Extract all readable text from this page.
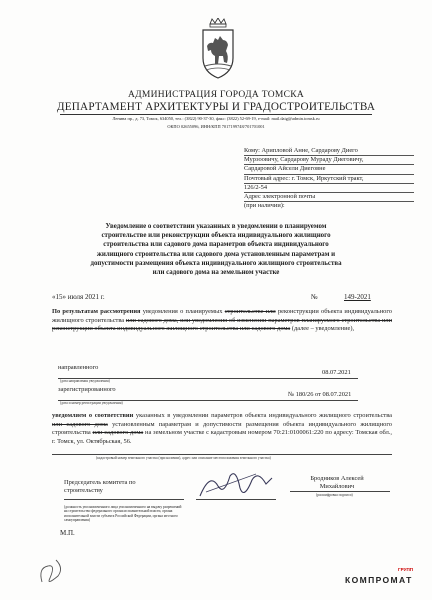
АДМИНИСТРАЦИЯ ГОРОДА ТОМСКА
ДЕПАРТАМЕНТ АРХИТЕКТУРЫ И ГРАДОСТРОИТЕЛЬСТВА
Ленина пр., д. 73, Томск, 634050, тел.: (3822) 90-37-30, факс: (3822) 52-69-19, e-mail: mail.daig@admin.tomsk.ru
ОКПО 02655096, ИНН/КПП 7017199748/701701001
Кому: Арипловой Анне, Сардарову Диего
Мурзоовичу, Сардарову Мураду Диеговичу,
Сардаровой Айсели Диеговне
Почтовый адрес: г. Томск, Иркутский тракт,
126/2-54
Адрес электронной почты
(при наличии):
Уведомление о соответствии указанных в уведомлении о планируемом
строительстве или реконструкции объекта индивидуального жилищного
строительства или садового дома параметров объекта индивидуального
жилищного строительства или садового дома установленным параметрам и
допустимости размещения объекта индивидуального жилищного строительства
или садового дома на земельном участке
«15» июля 2021 г.	№	149-2021
По результатам рассмотрения уведомления о планируемых строительстве или реконструкции объекта индивидуального жилищного строительства или садового дома, или уведомления об изменении параметров планируемого строительства или реконструкции объекта индивидуального жилищного строительства или садового дома (далее – уведомление),
направленного
08.07.2021
(дата направления уведомления)
зарегистрированного
№ 180/26 от 08.07.2021
(дата и номер регистрации уведомления)
уведомляем о соответствии указанных в уведомлении параметров объекта индивидуального жилищного строительства или садового дома установленным параметрам и допустимости размещения объекта индивидуального жилищного строительства или садового дома на земельном участке с кадастровым номером 70:21:0100061:220 по адресу: Томская обл., г. Томск, ул. Октябрьская, 56.
(кадастровый номер земельного участка (при наличии), адрес или описание местоположения земельного участка)
Председатель комитета по
строительству
(должность уполномоченного лица уполномоченного на выдачу разрешений на строительство федерального органа исполнительной власти, органа исполнительной власти субъекта Российской Федерации, органа местного самоуправления)
Бродников Алексей
Михайлович
(расшифровка подписи)
М.П.
ГРУПП
КОМПРОМАТ
